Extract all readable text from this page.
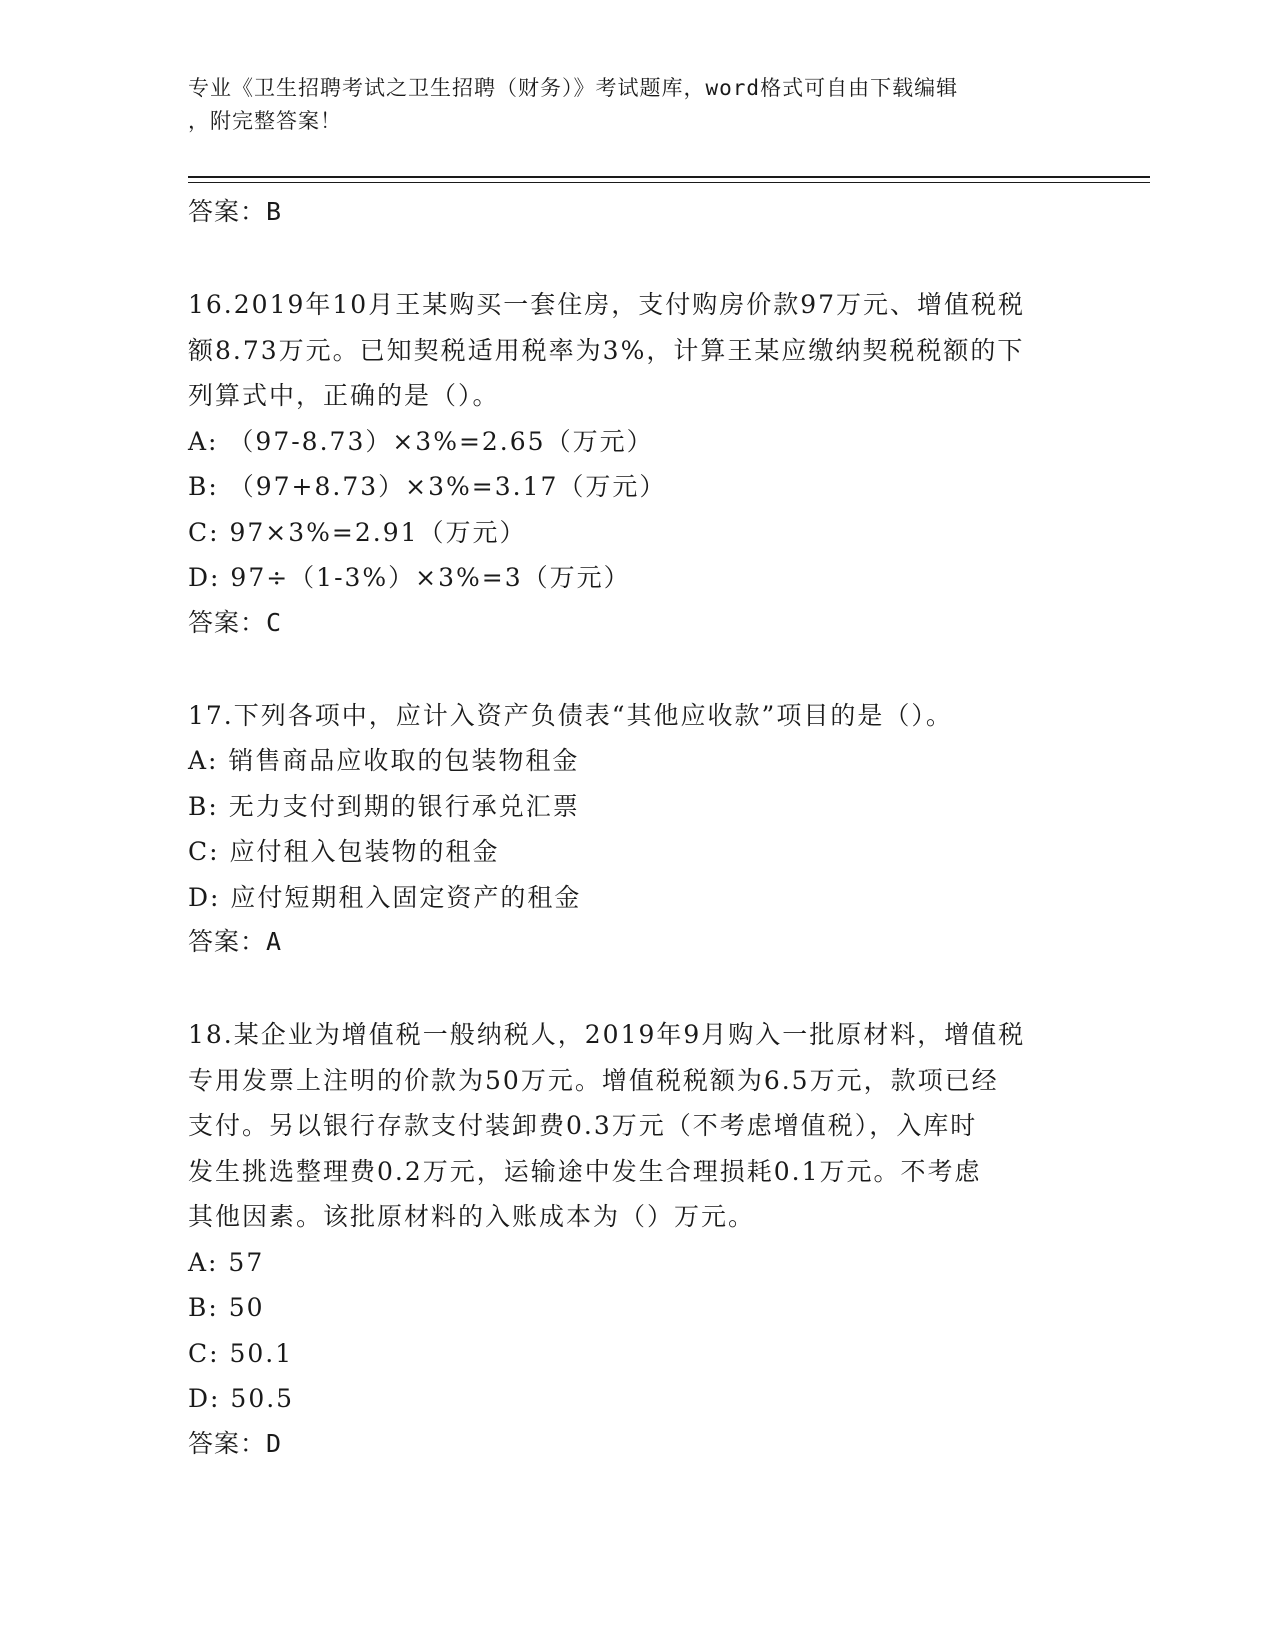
专业《卫生招聘考试之卫生招聘（财务）》考试题库，word格式可自由下载编辑
，附完整答案！
答案：B
16.2019年10月王某购买一套住房，支付购房价款97万元、增值税税
额8.73万元。已知契税适用税率为3%，计算王某应缴纳契税税额的下
列算式中，正确的是（）。
A: （97-8.73）×3%=2.65（万元）
B: （97+8.73）×3%=3.17（万元）
C: 97×3%=2.91（万元）
D: 97÷（1-3%）×3%=3（万元）
答案：C
17.下列各项中，应计入资产负债表“其他应收款”项目的是（）。
A: 销售商品应收取的包装物租金
B: 无力支付到期的银行承兑汇票
C: 应付租入包装物的租金
D: 应付短期租入固定资产的租金
答案：A
18.某企业为增值税一般纳税人，2019年9月购入一批原材料，增值税
专用发票上注明的价款为50万元。增值税税额为6.5万元，款项已经
支付。另以银行存款支付装卸费0.3万元（不考虑增值税），入库时
发生挑选整理费0.2万元，运输途中发生合理损耗0.1万元。不考虑
其他因素。该批原材料的入账成本为（）万元。
A: 57
B: 50
C: 50.1
D: 50.5
答案：D
